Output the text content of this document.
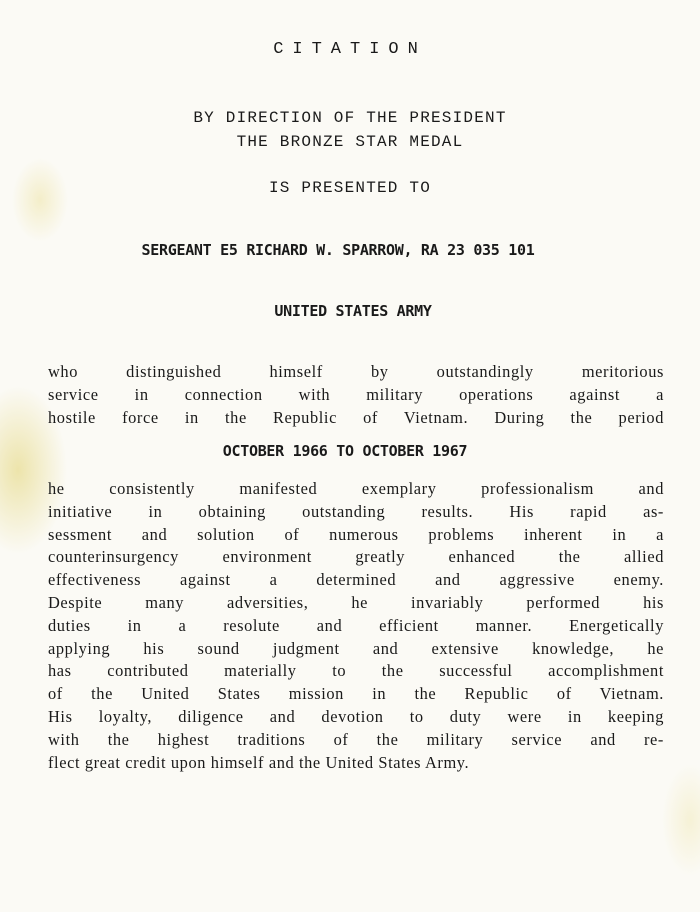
CITATION
BY DIRECTION OF THE PRESIDENT
THE BRONZE STAR MEDAL
IS PRESENTED TO
SERGEANT E5 RICHARD W. SPARROW, RA 23 035 101
UNITED STATES ARMY
who distinguished himself by outstandingly meritorious
service in connection with military operations against a
hostile force in the Republic of Vietnam. During the period
OCTOBER 1966 TO OCTOBER 1967
he consistently manifested exemplary professionalism and
initiative in obtaining outstanding results. His rapid as-
sessment and solution of numerous problems inherent in a
counterinsurgency environment greatly enhanced the allied
effectiveness against a determined and aggressive enemy.
Despite many adversities, he invariably performed his
duties in a resolute and efficient manner. Energetically
applying his sound judgment and extensive knowledge, he
has contributed materially to the successful accomplishment
of the United States mission in the Republic of Vietnam.
His loyalty, diligence and devotion to duty were in keeping
with the highest traditions of the military service and re-
flect great credit upon himself and the United States Army.
